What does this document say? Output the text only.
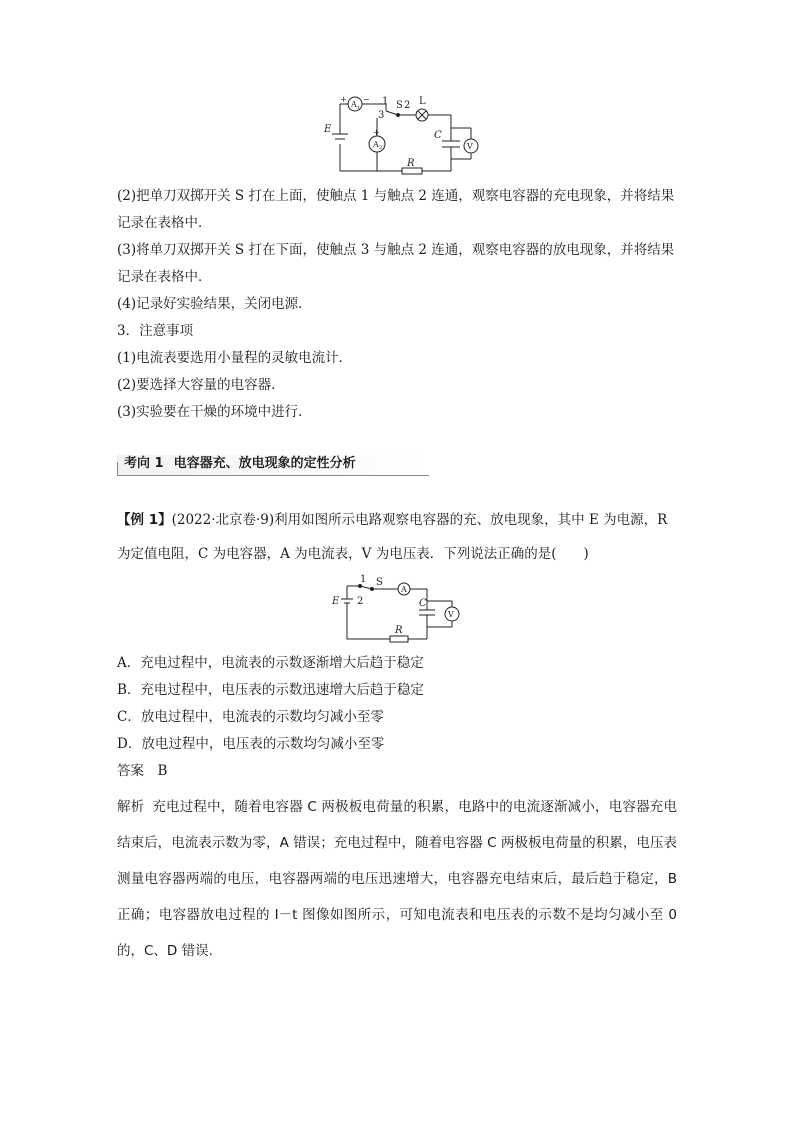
E
+ −
A 1
1
3
S 2 L
+
A 2
C
V
R
(2)把单刀双掷开关 S 打在上面，使触点 1 与触点 2 连通，观察电容器的充电现象，并将结果
记录在表格中．
(3)将单刀双掷开关 S 打在下面，使触点 3 与触点 2 连通，观察电容器的放电现象，并将结果
记录在表格中．
(4)记录好实验结果，关闭电源．
3．注意事项
(1)电流表要选用小量程的灵敏电流计．
(2)要选择大容量的电容器．
(3)实验要在干燥的环境中进行．
考向 1 电容器充、放电现象的定性分析
【例 1】(2022·北京卷·9)利用如图所示电路观察电容器的充、放电现象，其中 E 为电源，R
为定值电阻，C 为电容器，A 为电流表，V 为电压表．下列说法正确的是(　　)
1 S
A
E 2	C
V
R
A．充电过程中，电流表的示数逐渐增大后趋于稳定
B．充电过程中，电压表的示数迅速增大后趋于稳定
C．放电过程中，电流表的示数均匀减小至零
D．放电过程中，电压表的示数均匀减小至零
答案　B
解析 充电过程中，随着电容器 C 两极板电荷量的积累，电路中的电流逐渐减小，电容器充电结束后，电流表示数为零，A 错误；充电过程中，随着电容器 C 两极板电荷量的积累，电压表测量电容器两端的电压，电容器两端的电压迅速增大，电容器充电结束后，最后趋于稳定，B 正确；电容器放电过程的 I－t 图像如图所示，可知电流表和电压表的示数不是均匀减小至 0 的，C、D 错误.
